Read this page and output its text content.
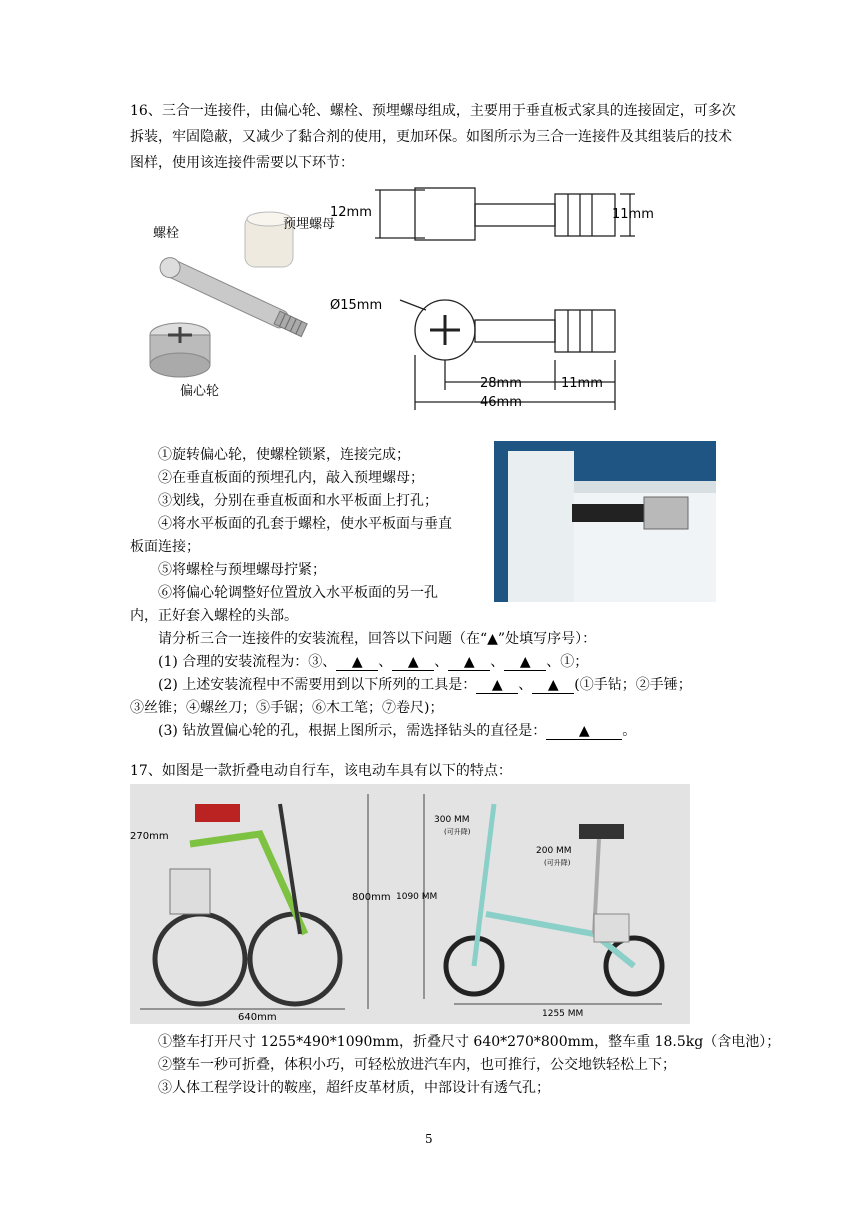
16、三合一连接件，由偏心轮、螺栓、预埋螺母组成，主要用于垂直板式家具的连接固定，可多次拆装，牢固隐蔽，又减少了黏合剂的使用，更加环保。如图所示为三合一连接件及其组装后的技术图样，使用该连接件需要以下环节：

螺栓
预埋螺母
偏心轮
12mm	11mm
Ø15mm
28mm	11mm
46mm

①旋转偏心轮，使螺栓锁紧，连接完成；

②在垂直板面的预埋孔内，敲入预埋螺母；

③划线，分别在垂直板面和水平板面上打孔；

④将水平板面的孔套于螺栓，使水平板面与垂直

板面连接；

⑤将螺栓与预埋螺母拧紧；

⑥将偏心轮调整好位置放入水平板面的另一孔

内，正好套入螺栓的头部。

请分析三合一连接件的安装流程，回答以下问题（在“▲”处填写序号）：

(1) 合理的安装流程为：③、 ▲ 、 ▲ 、 ▲ 、 ▲ 、①；

(2) 上述安装流程中不需要用到以下所列的工具是： ▲ 、 ▲ (①手钻；②手锤；

③丝锥；④螺丝刀；⑤手锯；⑥木工笔；⑦卷尺)；

(3) 钻放置偏心轮的孔，根据上图所示，需选择钻头的直径是： ▲ 。

17、如图是一款折叠电动自行车，该电动车具有以下的特点：

270mm
800mm
640mm
300 MM
(可升降)
200 MM
(可升降)
1090 MM
1255 MM

①整车打开尺寸 1255*490*1090mm，折叠尺寸 640*270*800mm，整车重 18.5kg（含电池）；

②整车一秒可折叠，体积小巧，可轻松放进汽车内，也可推行，公交地铁轻松上下；

③人体工程学设计的鞍座，超纤皮革材质，中部设计有透气孔；

5
